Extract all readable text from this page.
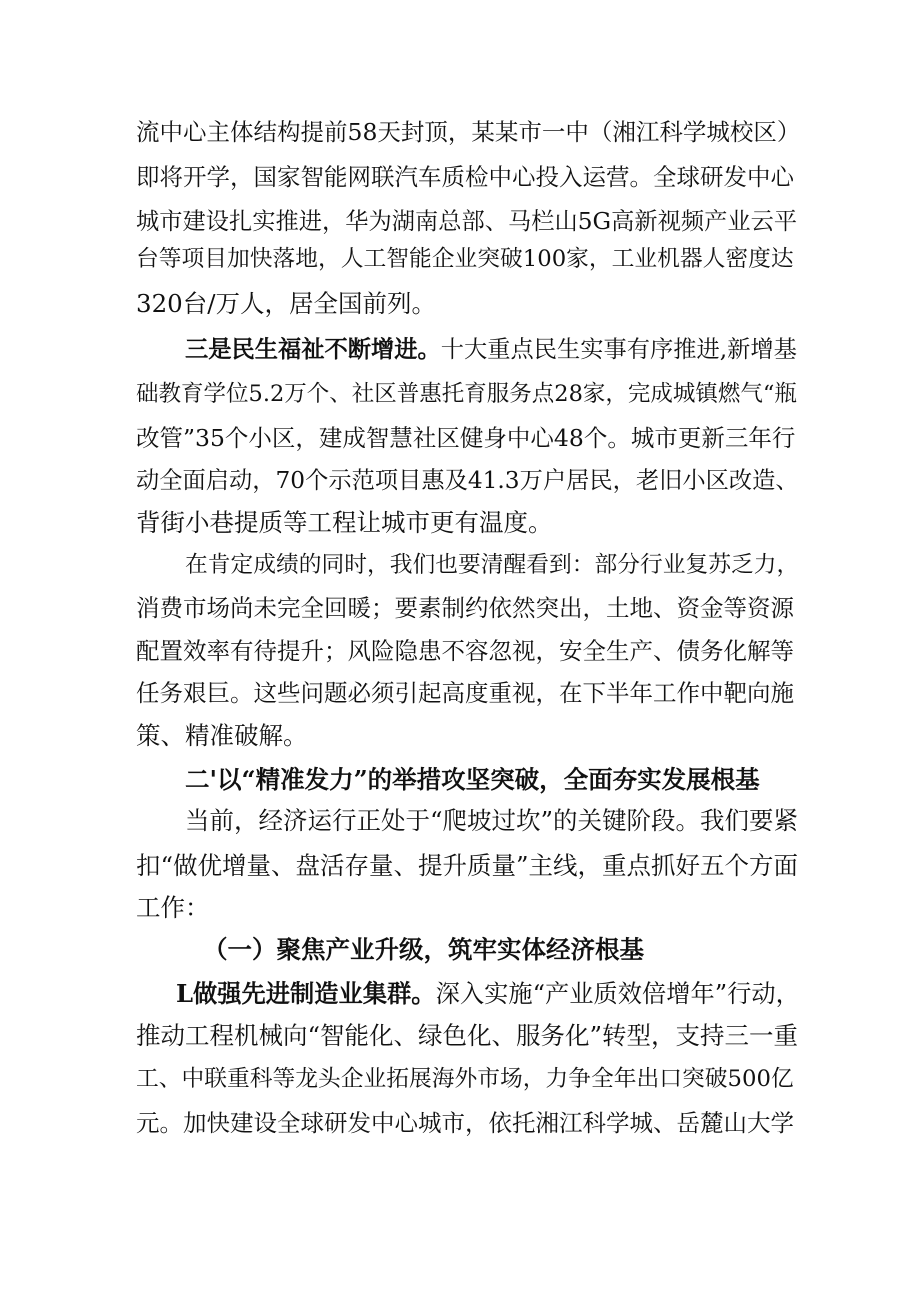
流中心主体结构提前58天封顶，某某市一中（湘江科学城校区）
即将开学，国家智能网联汽车质检中心投入运营。全球研发中心
城市建设扎实推进，华为湖南总部、马栏山5G高新视频产业云平
台等项目加快落地，人工智能企业突破100家，工业机器人密度达
320台/万人，居全国前列。
三是民生福祉不断增进。十大重点民生实事有序推进,新增基
础教育学位5.2万个、社区普惠托育服务点28家，完成城镇燃气“瓶
改管”35个小区，建成智慧社区健身中心48个。城市更新三年行
动全面启动，70个示范项目惠及41.3万户居民，老旧小区改造、
背街小巷提质等工程让城市更有温度。
在肯定成绩的同时，我们也要清醒看到：部分行业复苏乏力，
消费市场尚未完全回暖；要素制约依然突出，土地、资金等资源
配置效率有待提升；风险隐患不容忽视，安全生产、债务化解等
任务艰巨。这些问题必须引起高度重视，在下半年工作中靶向施
策、精准破解。
二'以“精准发力”的举措攻坚突破，全面夯实发展根基
当前，经济运行正处于“爬坡过坎”的关键阶段。我们要紧
扣“做优增量、盘活存量、提升质量”主线，重点抓好五个方面
工作：
（一）聚焦产业升级，筑牢实体经济根基
L做强先进制造业集群。深入实施“产业质效倍增年”行动，
推动工程机械向“智能化、绿色化、服务化”转型，支持三一重
工、中联重科等龙头企业拓展海外市场，力争全年出口突破500亿
元。加快建设全球研发中心城市，依托湘江科学城、岳麓山大学
